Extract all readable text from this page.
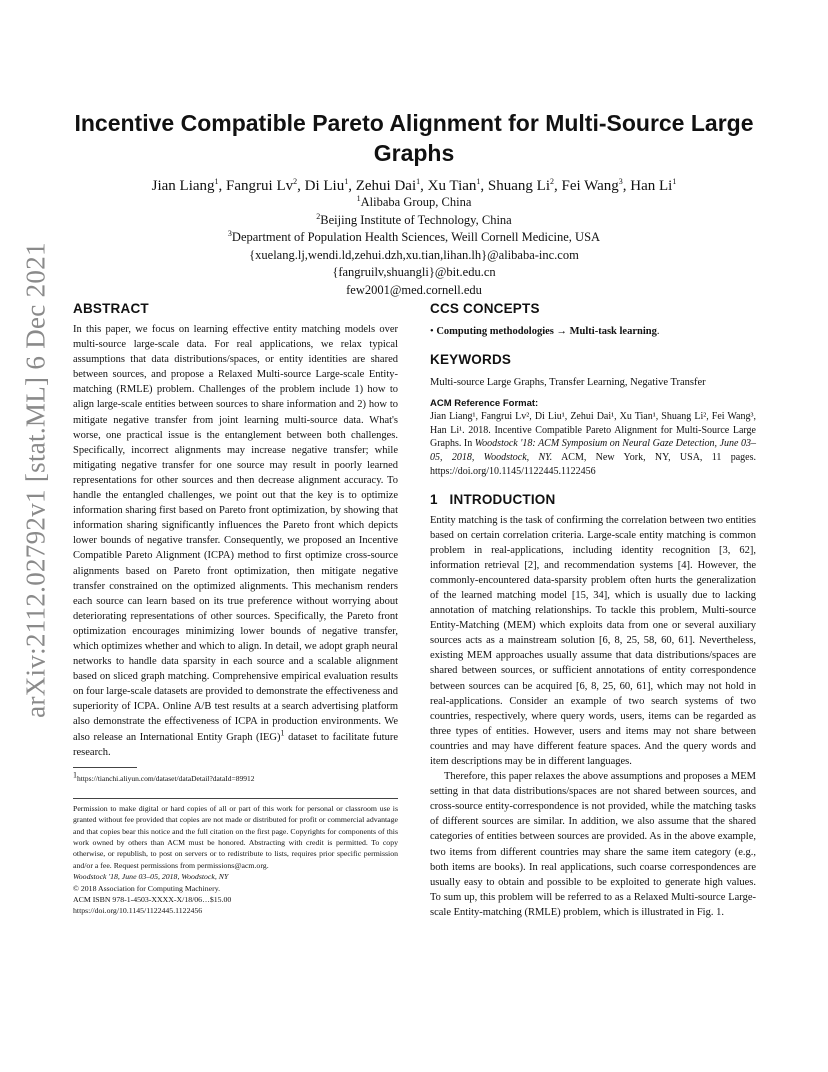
arXiv:2112.02792v1 [stat.ML] 6 Dec 2021
Incentive Compatible Pareto Alignment for Multi-Source Large Graphs
Jian Liang$^1$, Fangrui Lv$^2$, Di Liu$^1$, Zehui Dai$^1$, Xu Tian$^1$, Shuang Li$^2$, Fei Wang$^3$, Han Li$^1$
$^1$Alibaba Group, China
$^2$Beijing Institute of Technology, China
$^3$Department of Population Health Sciences, Weill Cornell Medicine, USA
{xuelang.lj,wendi.ld,zehui.dzh,xu.tian,lihan.lh}@alibaba-inc.com
{fangruilv,shuangli}@bit.edu.cn
few2001@med.cornell.edu
ABSTRACT

In this paper, we focus on learning effective entity matching models over multi-source large-scale data. For real applications, we relax typical assumptions that data distributions/spaces, or entity identities are shared between sources, and propose a Relaxed Multi-source Large-scale Entity-matching (RMLE) problem. Challenges of the problem include 1) how to align large-scale entities between sources to share information and 2) how to mitigate negative transfer from joint learning multi-source data. What's worse, one practical issue is the entanglement between both challenges. Specifically, incorrect alignments may increase negative transfer; while mitigating negative transfer for one source may result in poorly learned representations for other sources and then decrease alignment accuracy. To handle the entangled challenges, we point out that the key is to optimize information sharing first based on Pareto front optimization, by showing that information sharing significantly influences the Pareto front which depicts lower bounds of negative transfer. Consequently, we proposed an Incentive Compatible Pareto Alignment (ICPA) method to first optimize cross-source alignments based on Pareto front optimization, then mitigate negative transfer constrained on the optimized alignments. This mechanism renders each source can learn based on its true preference without worrying about deteriorating representations of other sources. Specifically, the Pareto front optimization encourages minimizing lower bounds of negative transfer, which optimizes whether and which to align. In detail, we adopt graph neural networks to handle data sparsity in each source and a scalable alignment based on sliced graph matching. Comprehensive empirical evaluation results on four large-scale datasets are provided to demonstrate the effectiveness and superiority of ICPA. Online A/B test results at a search advertising platform also demonstrate the effectiveness of ICPA in production environments. We also release an International Entity Graph (IEG)$^1$ dataset to facilitate future research.

$^1$https://tianchi.aliyun.com/dataset/dataDetail?dataId=89912
Permission to make digital or hard copies of all or part of this work for personal or classroom use is granted without fee provided that copies are not made or distributed for profit or commercial advantage and that copies bear this notice and the full citation on the first page. Copyrights for components of this work owned by others than ACM must be honored. Abstracting with credit is permitted. To copy otherwise, or republish, to post on servers or to redistribute to lists, requires prior specific permission and/or a fee. Request permissions from permissions@acm.org.
Woodstock '18, June 03–05, 2018, Woodstock, NY
© 2018 Association for Computing Machinery.
ACM ISBN 978-1-4503-XXXX-X/18/06…$15.00
https://doi.org/10.1145/1122445.1122456
CCS CONCEPTS
• Computing methodologies → Multi-task learning.
KEYWORDS
Multi-source Large Graphs, Transfer Learning, Negative Transfer
ACM Reference Format:
Jian Liang¹, Fangrui Lv², Di Liu¹, Zehui Dai¹, Xu Tian¹, Shuang Li², Fei Wang³, Han Li¹. 2018. Incentive Compatible Pareto Alignment for Multi-Source Large Graphs. In Woodstock '18: ACM Symposium on Neural Gaze Detection, June 03–05, 2018, Woodstock, NY. ACM, New York, NY, USA, 11 pages. https://doi.org/10.1145/1122445.1122456
1   INTRODUCTION

Entity matching is the task of confirming the correlation between two entities based on certain correlation criteria. Large-scale entity matching is common problem in real-applications, including identity recognition [3, 62], information retrieval [2], and recommendation systems [4]. However, the commonly-encountered data-sparsity problem often hurts the generalization of the learned matching model [15, 34], which is usually due to lacking annotation of matching relationships. To tackle this problem, Multi-source Entity-Matching (MEM) which exploits data from one or several auxiliary sources acts as a mainstream solution [6, 8, 25, 58, 60, 61]. Nevertheless, existing MEM approaches usually assume that data distributions/spaces are shared between sources, or sufficient annotations of entity correspondence between sources can be acquired [6, 8, 25, 60, 61], which may not hold in real-applications. Consider an example of two search systems of two countries, respectively, where query words, users, items can be regarded as three types of entities. However, users and items may not share between countries and may have different feature spaces. And the query words and item descriptions may be in different languages.

Therefore, this paper relaxes the above assumptions and proposes a MEM setting in that data distributions/spaces are not shared between sources, and cross-source entity-correspondence is not provided, while the matching tasks of different sources are similar. In addition, we also assume that the shared categories of entities between sources are provided. As in the above example, two items from different countries may share the same item category (e.g., both items are books). In real applications, such coarse correspondences are usually easy to obtain and possible to be exploited to generate high values. To sum up, this problem will be referred to as a Relaxed Multi-source Large-scale Entity-matching (RMLE) problem, which is illustrated in Fig. 1.
